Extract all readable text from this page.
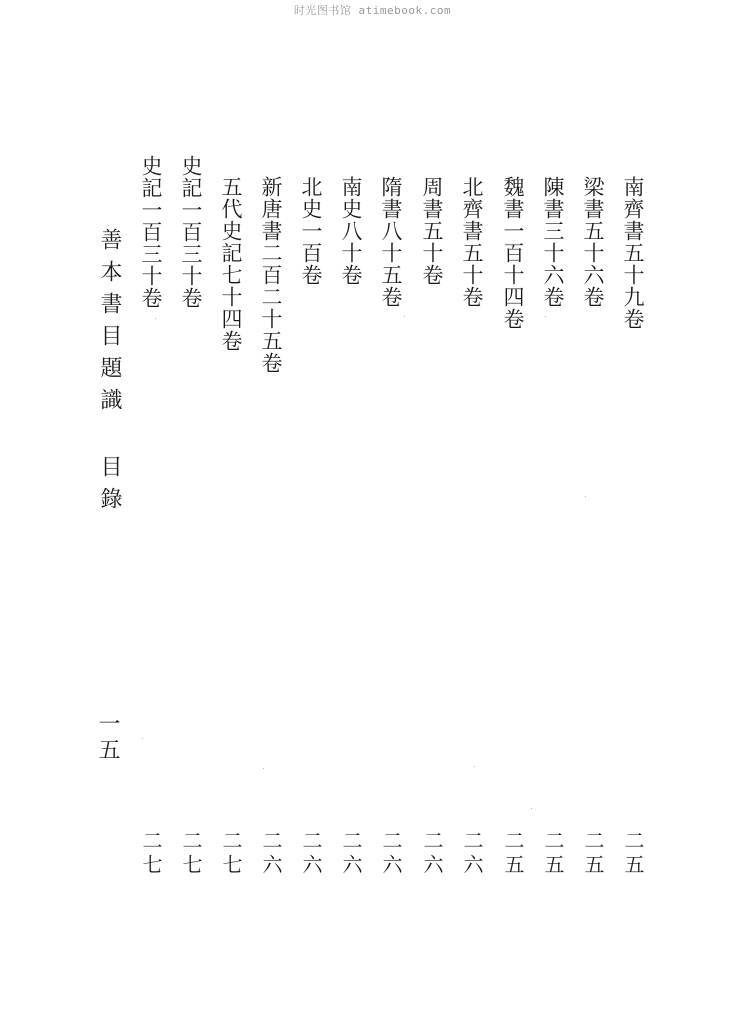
时光图书馆 atimebook.com
善本書目題識 目錄
一五
南齊書五十九卷
梁書五十六卷
陳書三十六卷
魏書一百十四卷
北齊書五十卷
周書五十卷
隋書八十五卷
南史八十卷
北史一百卷
新唐書二百二十五卷
五代史記七十四卷
史記一百三十卷
史記一百三十卷
二五
二五
二五
二五
二六
二六
二六
二六
二六
二六
二七
二七
二七
